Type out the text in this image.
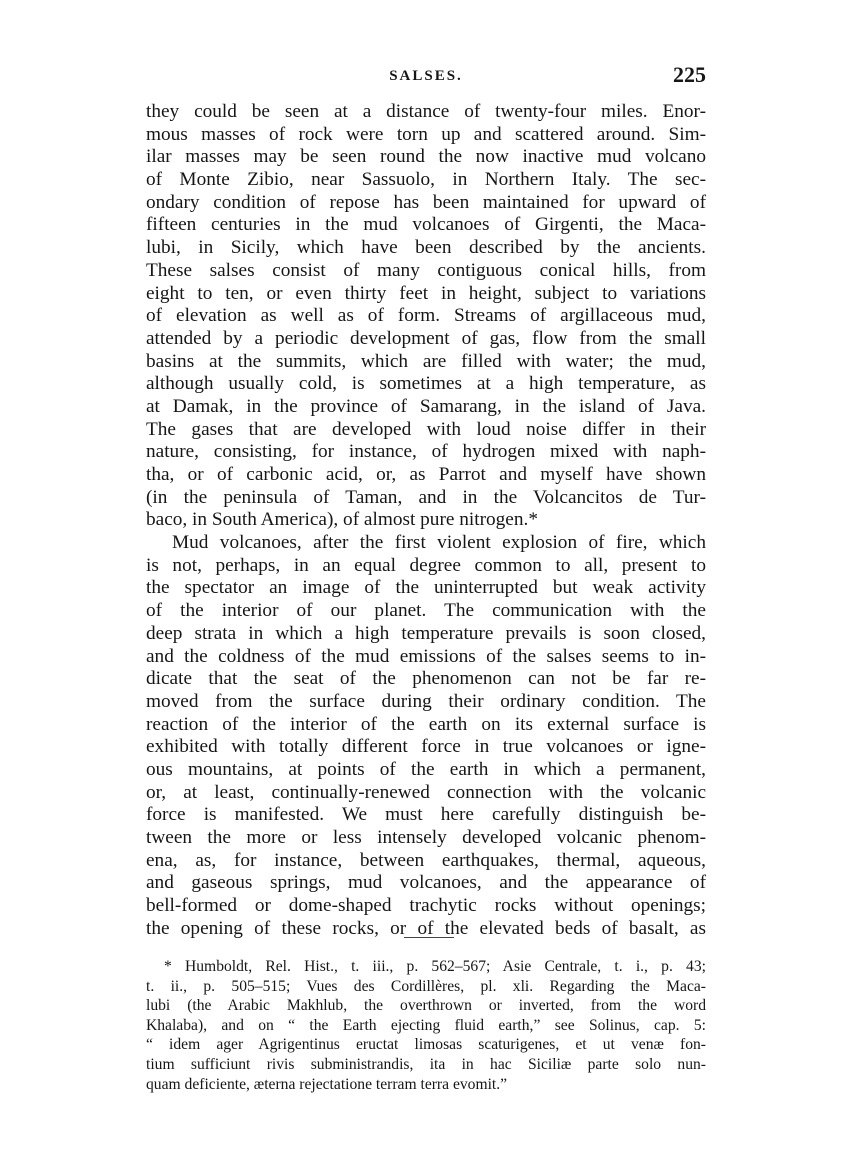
SALSES.	225
they could be seen at a distance of twenty-four miles. Enor-
mous masses of rock were torn up and scattered around. Sim-
ilar masses may be seen round the now inactive mud volcano
of Monte Zibio, near Sassuolo, in Northern Italy. The sec-
ondary condition of repose has been maintained for upward of
fifteen centuries in the mud volcanoes of Girgenti, the Maca-
lubi, in Sicily, which have been described by the ancients.
These salses consist of many contiguous conical hills, from
eight to ten, or even thirty feet in height, subject to variations
of elevation as well as of form. Streams of argillaceous mud,
attended by a periodic development of gas, flow from the small
basins at the summits, which are filled with water; the mud,
although usually cold, is sometimes at a high temperature, as
at Damak, in the province of Samarang, in the island of Java.
The gases that are developed with loud noise differ in their
nature, consisting, for instance, of hydrogen mixed with naph-
tha, or of carbonic acid, or, as Parrot and myself have shown
(in the peninsula of Taman, and in the Volcancitos de Tur-
baco, in South America), of almost pure nitrogen.*
Mud volcanoes, after the first violent explosion of fire, which
is not, perhaps, in an equal degree common to all, present to
the spectator an image of the uninterrupted but weak activity
of the interior of our planet. The communication with the
deep strata in which a high temperature prevails is soon closed,
and the coldness of the mud emissions of the salses seems to in-
dicate that the seat of the phenomenon can not be far re-
moved from the surface during their ordinary condition. The
reaction of the interior of the earth on its external surface is
exhibited with totally different force in true volcanoes or igne-
ous mountains, at points of the earth in which a permanent,
or, at least, continually-renewed connection with the volcanic
force is manifested. We must here carefully distinguish be-
tween the more or less intensely developed volcanic phenom-
ena, as, for instance, between earthquakes, thermal, aqueous,
and gaseous springs, mud volcanoes, and the appearance of
bell-formed or dome-shaped trachytic rocks without openings;
the opening of these rocks, or of the elevated beds of basalt, as
* Humboldt, Rel. Hist., t. iii., p. 562–567; Asie Centrale, t. i., p. 43;
t. ii., p. 505–515; Vues des Cordillères, pl. xli. Regarding the Maca-
lubi (the Arabic Makhlub, the overthrown or inverted, from the word
Khalaba), and on “ the Earth ejecting fluid earth,” see Solinus, cap. 5:
“ idem ager Agrigentinus eructat limosas scaturigenes, et ut venæ fon-
tium sufficiunt rivis subministrandis, ita in hac Siciliæ parte solo nun-
quam deficiente, æterna rejectatione terram terra evomit.”
